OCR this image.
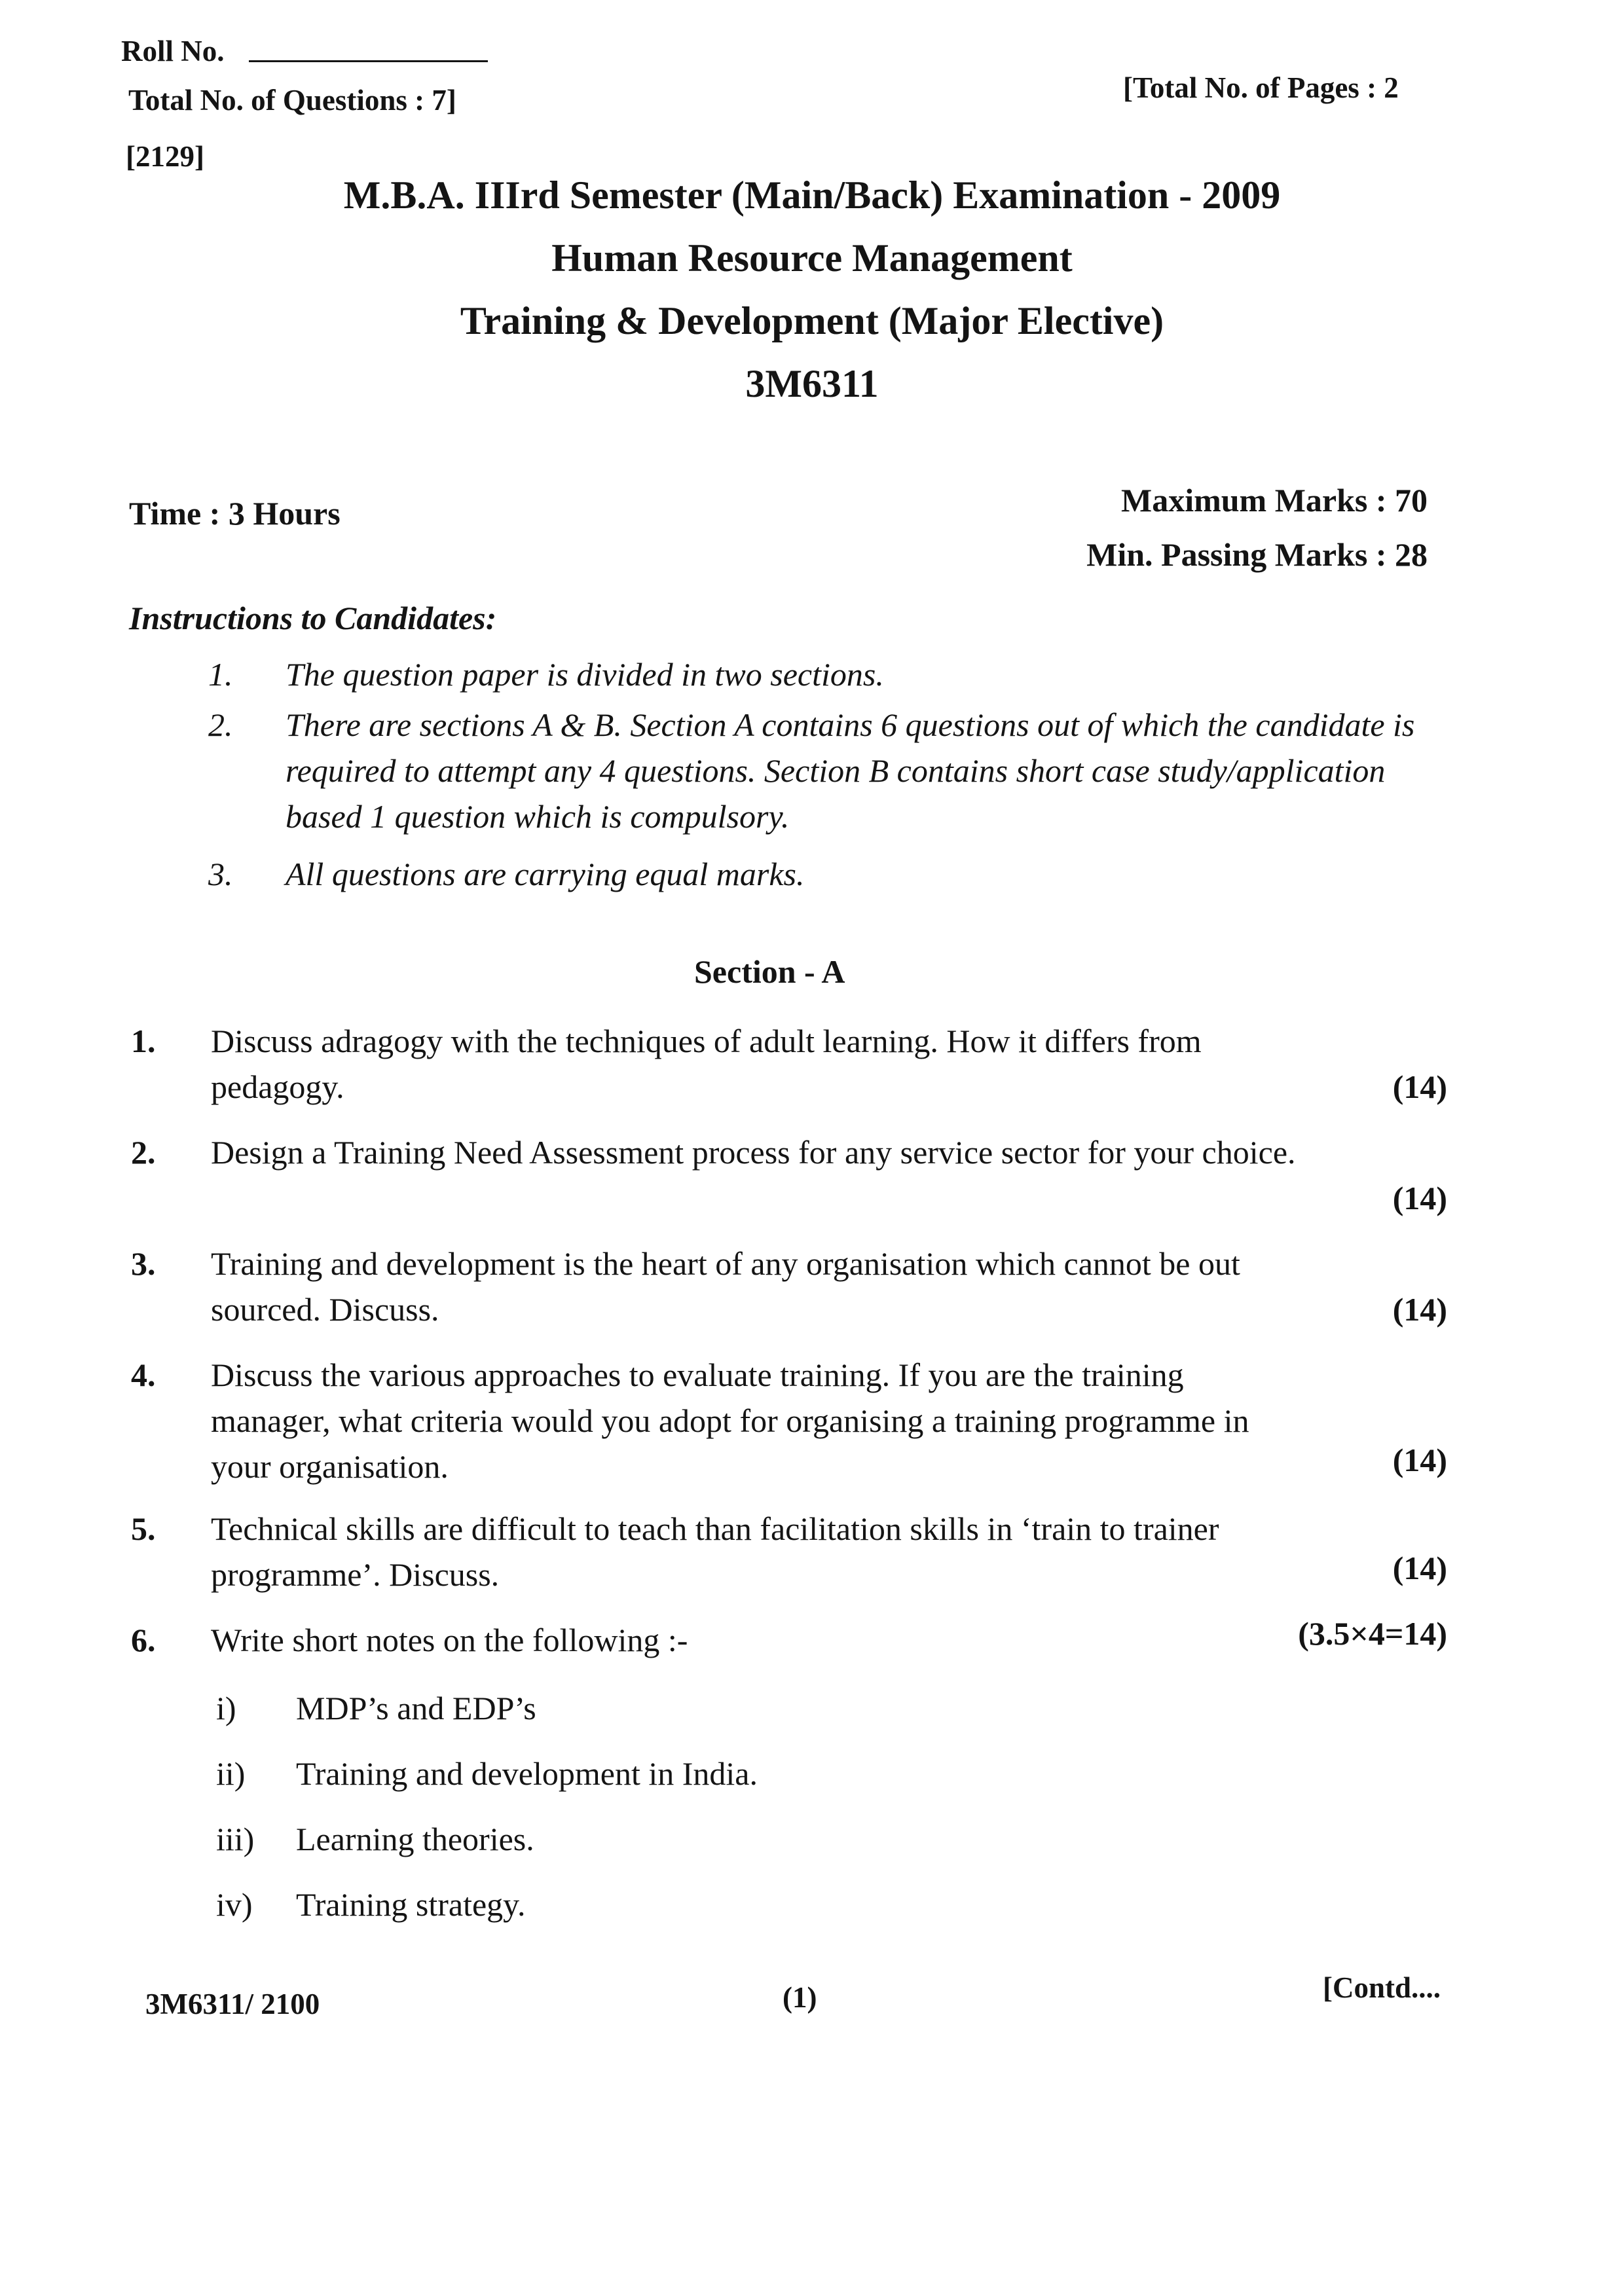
Roll No.
Total No. of Questions : 7]	[Total No. of Pages : 2
[2129]
M.B.A. IIIrd Semester (Main/Back) Examination - 2009
Human Resource Management
Training & Development (Major Elective)
3M6311
Time : 3 Hours	Maximum Marks : 70
Min. Passing Marks : 28
Instructions to Candidates:
1. The question paper is divided in two sections.
2. There are sections A & B. Section A contains 6 questions out of which the candidate is required to attempt any 4 questions. Section B contains short case study/application based 1 question which is compulsory.
3. All questions are carrying equal marks.
Section - A
1. Discuss adragogy with the techniques of adult learning. How it differs from pedagogy.	(14)
2. Design a Training Need Assessment process for any service sector for your choice.
(14)
3. Training and development is the heart of any organisation which cannot be out sourced. Discuss.	(14)
4. Discuss the various approaches to evaluate training. If you are the training manager, what criteria would you adopt for organising a training programme in your organisation.	(14)
5. Technical skills are difficult to teach than facilitation skills in ‘train to trainer programme’. Discuss.	(14)
6. Write short notes on the following :-	(3.5×4=14)
i) MDP’s and EDP’s
ii) Training and development in India.
iii) Learning theories.
iv) Training strategy.
3M6311/ 2100	(1)	[Contd....
